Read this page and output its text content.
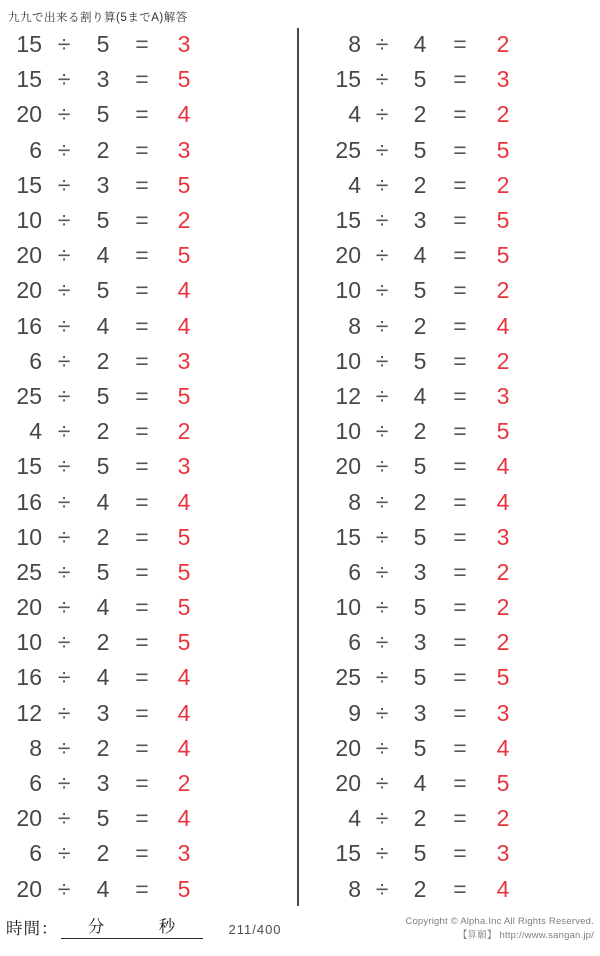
九九で出来る割り算(5までA)解答
15 ÷	5	=	3
15 ÷	3	=	5
20 ÷	5	=	4
6 ÷	2	=	3
15 ÷	3	=	5
10 ÷	5	=	2
20 ÷	4	=	5
20 ÷	5	=	4
16 ÷	4	=	4
6 ÷	2	=	3
25 ÷	5	=	5
4 ÷	2	=	2
15 ÷	5	=	3
16 ÷	4	=	4
10 ÷	2	=	5
25 ÷	5	=	5
20 ÷	4	=	5
10 ÷	2	=	5
16 ÷	4	=	4
12 ÷	3	=	4
8 ÷	2	=	4
6 ÷	3	=	2
20 ÷	5	=	4
6 ÷	2	=	3
20 ÷	4	=	5
8 ÷	4	=	2
15 ÷	5	=	3
4 ÷	2	=	2
25 ÷	5	=	5
4 ÷	2	=	2
15 ÷	3	=	5
20 ÷	4	=	5
10 ÷	5	=	2
8 ÷	2	=	4
10 ÷	5	=	2
12 ÷	4	=	3
10 ÷	2	=	5
20 ÷	5	=	4
8 ÷	2	=	4
15 ÷	5	=	3
6 ÷	3	=	2
10 ÷	5	=	2
6 ÷	3	=	2
25 ÷	5	=	5
9 ÷	3	=	3
20 ÷	5	=	4
20 ÷	4	=	5
4 ÷	2	=	2
15 ÷	5	=	3
8 ÷	2	=	4
時間： 分	秒	211/400
Copyright © Alpha.Inc All Rights Reserved.
【算願】 http://www.sangan.jp/
